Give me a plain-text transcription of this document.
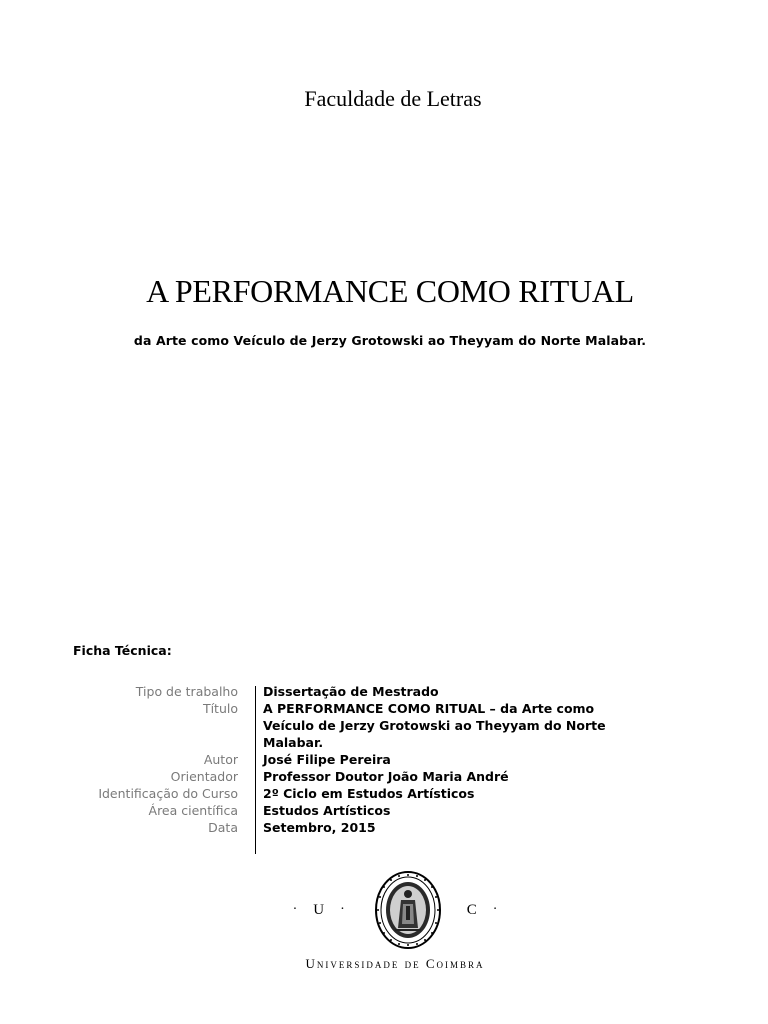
Faculdade de Letras
A PERFORMANCE COMO RITUAL
da Arte como Veículo de Jerzy Grotowski ao Theyyam do Norte Malabar.
Ficha Técnica:
Tipo de trabalho	Dissertação de Mestrado
Título	A PERFORMANCE COMO RITUAL – da Arte como Veículo de Jerzy Grotowski ao Theyyam do Norte Malabar.
Autor	José Filipe Pereira
Orientador	Professor Doutor João Maria André
Identificação do Curso	2º Ciclo em Estudos Artísticos
Área científica	Estudos Artísticos
Data	Setembro, 2015
· U ·	C ·
Universidade de Coimbra
